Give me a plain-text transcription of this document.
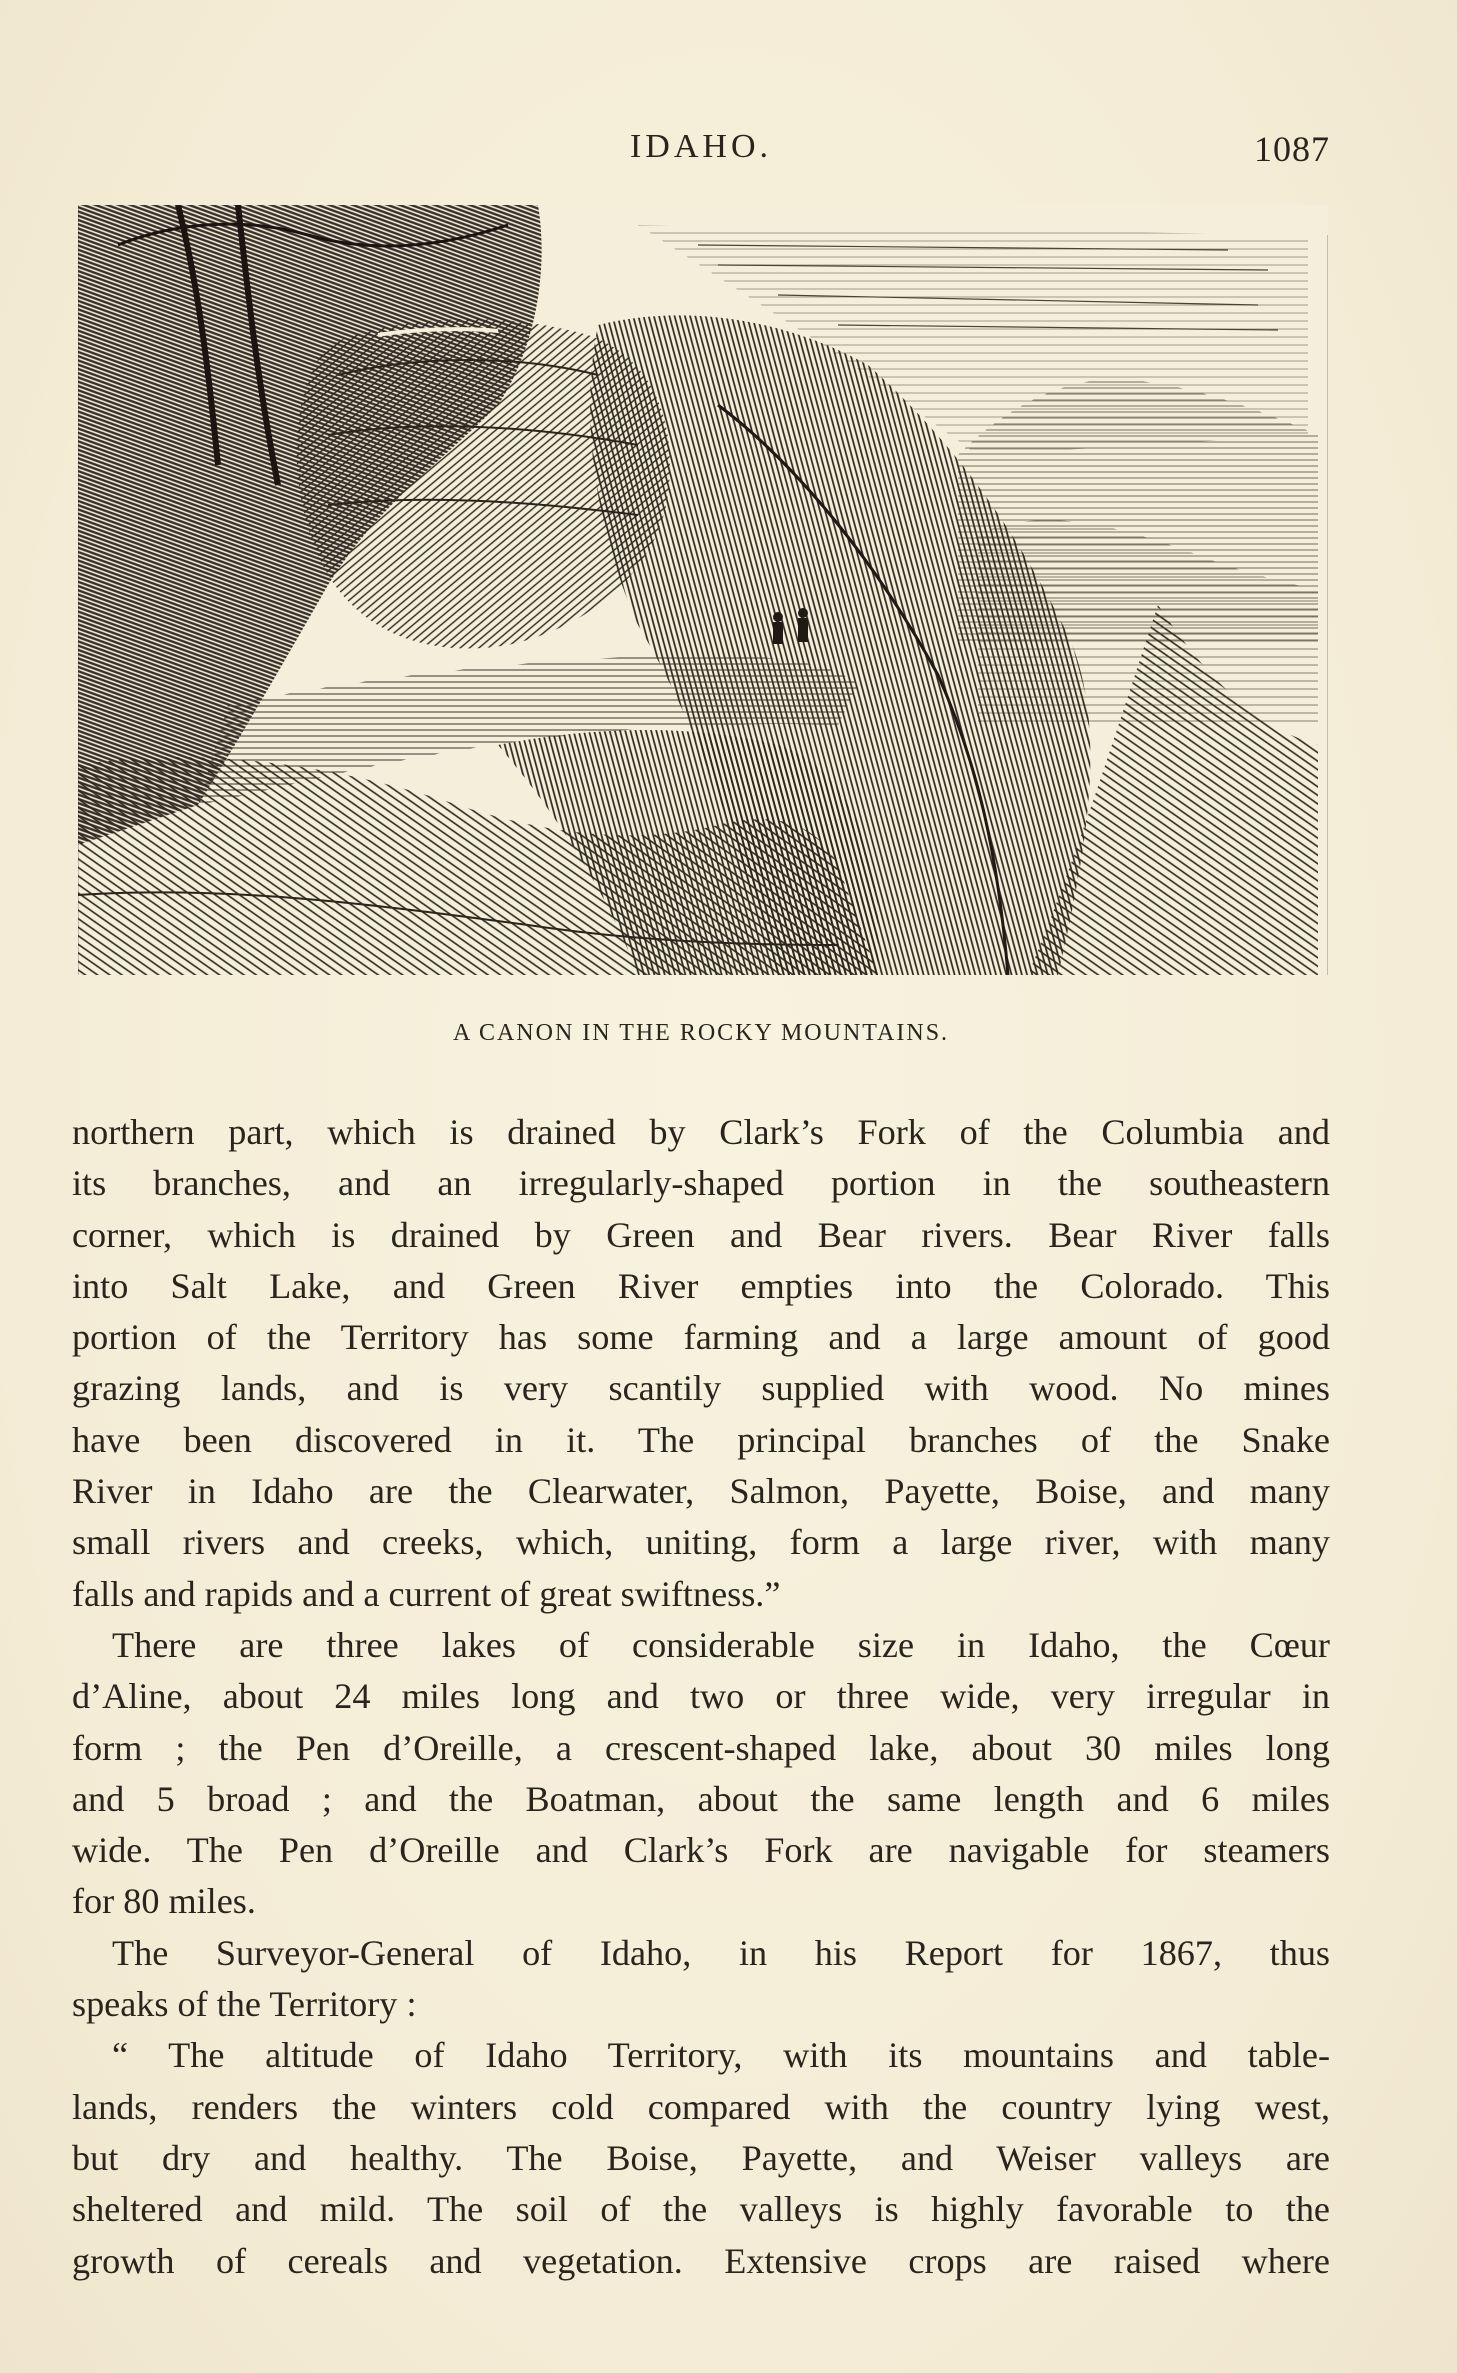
IDAHO.	1087
A CANON IN THE ROCKY MOUNTAINS.
northern part, which is drained by Clark’s Fork of the Columbia and
its branches, and an irregularly-shaped portion in the southeastern
corner, which is drained by Green and Bear rivers. Bear River falls
into Salt Lake, and Green River empties into the Colorado. This
portion of the Territory has some farming and a large amount of good
grazing lands, and is very scantily supplied with wood. No mines
have been discovered in it. The principal branches of the Snake
River in Idaho are the Clearwater, Salmon, Payette, Boise, and many
small rivers and creeks, which, uniting, form a large river, with many
falls and rapids and a current of great swiftness.”
There are three lakes of considerable size in Idaho, the Cœur
d’Aline, about 24 miles long and two or three wide, very irregular in
form ; the Pen d’Oreille, a crescent-shaped lake, about 30 miles long
and 5 broad ; and the Boatman, about the same length and 6 miles
wide. The Pen d’Oreille and Clark’s Fork are navigable for steamers
for 80 miles.
The Surveyor-General of Idaho, in his Report for 1867, thus
speaks of the Territory :
“ The altitude of Idaho Territory, with its mountains and table-
lands, renders the winters cold compared with the country lying west,
but dry and healthy. The Boise, Payette, and Weiser valleys are
sheltered and mild. The soil of the valleys is highly favorable to the
growth of cereals and vegetation. Extensive crops are raised where
